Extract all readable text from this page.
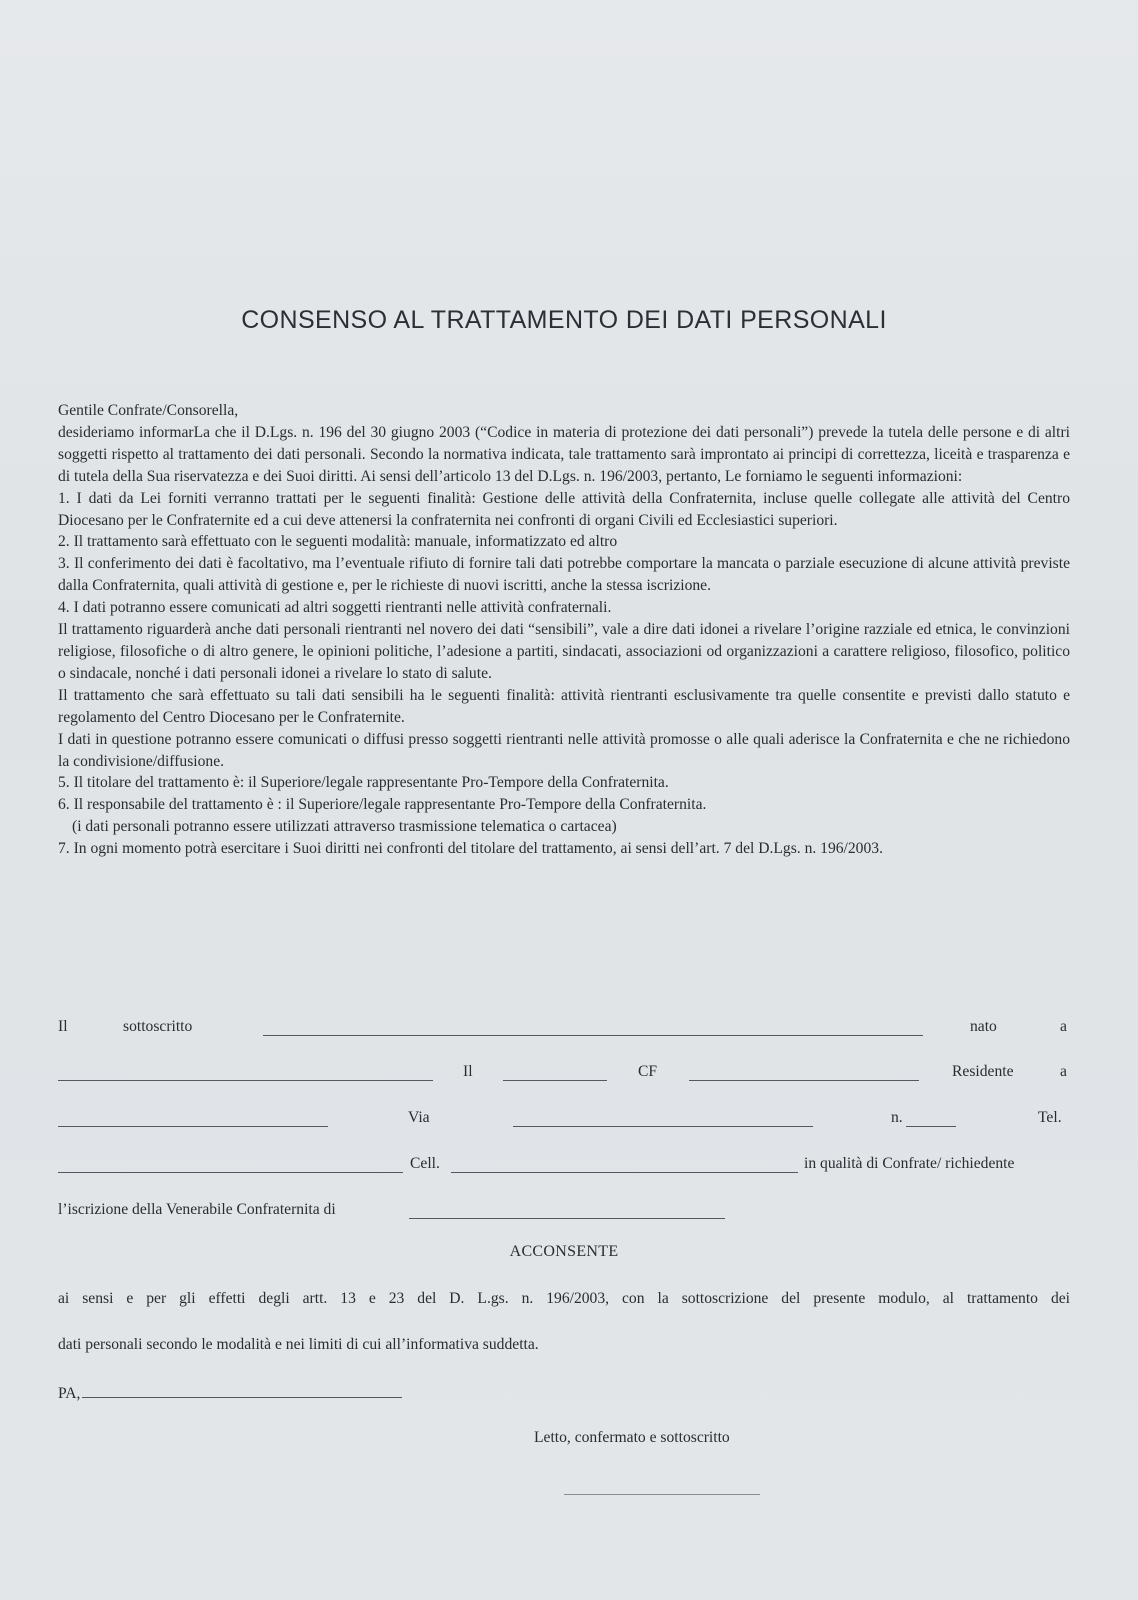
CONSENSO AL TRATTAMENTO DEI DATI PERSONALI

Gentile Confrate/Consorella,

desideriamo informarLa che il D.Lgs. n. 196 del 30 giugno 2003 (“Codice in materia di protezione dei dati personali”) prevede la tutela delle persone e di altri soggetti rispetto al trattamento dei dati personali. Secondo la normativa indicata, tale trattamento sarà improntato ai principi di correttezza, liceità e trasparenza e di tutela della Sua riservatezza e dei Suoi diritti. Ai sensi dell’articolo 13 del D.Lgs. n. 196/2003, pertanto, Le forniamo le seguenti informazioni:

1. I dati da Lei forniti verranno trattati per le seguenti finalità: Gestione delle attività della Confraternita, incluse quelle collegate alle attività del Centro Diocesano per le Confraternite ed a cui deve attenersi la confraternita nei confronti di organi Civili ed Ecclesiastici superiori.

2. Il trattamento sarà effettuato con le seguenti modalità: manuale, informatizzato ed altro

3. Il conferimento dei dati è facoltativo, ma l’eventuale rifiuto di fornire tali dati potrebbe comportare la mancata o parziale esecuzione di alcune attività previste dalla Confraternita, quali attività di gestione e, per le richieste di nuovi iscritti, anche la stessa iscrizione.

4. I dati potranno essere comunicati ad altri soggetti rientranti nelle attività confraternali.

Il trattamento riguarderà anche dati personali rientranti nel novero dei dati “sensibili”, vale a dire dati idonei a rivelare l’origine razziale ed etnica, le convinzioni religiose, filosofiche o di altro genere, le opinioni politiche, l’adesione a partiti, sindacati, associazioni od organizzazioni a carattere religioso, filosofico, politico o sindacale, nonché i dati personali idonei a rivelare lo stato di salute.

Il trattamento che sarà effettuato su tali dati sensibili ha le seguenti finalità: attività rientranti esclusivamente tra quelle consentite e previsti dallo statuto e regolamento del Centro Diocesano per le Confraternite.

I dati in questione potranno essere comunicati o diffusi presso soggetti rientranti nelle attività promosse o alle quali aderisce la Confraternita e che ne richiedono la condivisione/diffusione.

5. Il titolare del trattamento è: il Superiore/legale rappresentante Pro-Tempore della Confraternita.

6. Il responsabile del trattamento è : il Superiore/legale rappresentante Pro-Tempore della Confraternita.

(i dati personali potranno essere utilizzati attraverso trasmissione telematica o cartacea)

7. In ogni momento potrà esercitare i Suoi diritti nei confronti del titolare del trattamento, ai sensi dell’art. 7 del D.Lgs. n. 196/2003.

Il	sottoscritto	nato	a
Il	CF	Residente	a
Via	n.	Tel.
Cell.	in qualità di Confrate/ richiedente
l’iscrizione della Venerabile Confraternita di
ACCONSENTE
ai sensi e per gli effetti degli artt. 13 e 23 del D. L.gs. n. 196/2003, con la sottoscrizione del presente modulo, al trattamento dei
dati personali secondo le modalità e nei limiti di cui all’informativa suddetta.
PA,
Letto, confermato e sottoscritto
